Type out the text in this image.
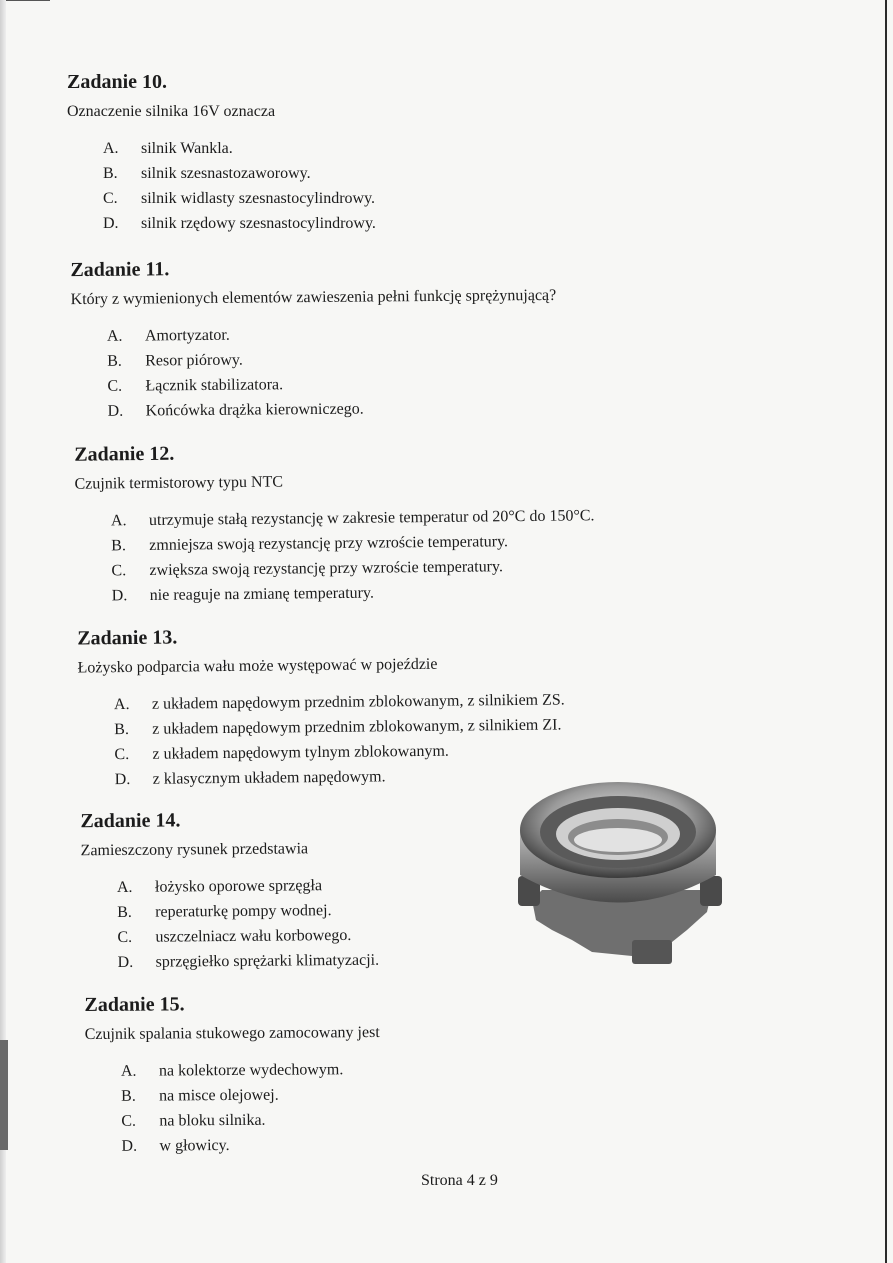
Zadanie 10.
Oznaczenie silnika 16V oznacza
A. silnik Wankla.
B. silnik szesnastozaworowy.
C. silnik widlasty szesnastocylindrowy.
D. silnik rzędowy szesnastocylindrowy.
Zadanie 11.
Który z wymienionych elementów zawieszenia pełni funkcję sprężynującą?
A. Amortyzator.
B. Resor piórowy.
C. Łącznik stabilizatora.
D. Końcówka drążka kierowniczego.
Zadanie 12.
Czujnik termistorowy typu NTC
A. utrzymuje stałą rezystancję w zakresie temperatur od 20°C do 150°C.
B. zmniejsza swoją rezystancję przy wzroście temperatury.
C. zwiększa swoją rezystancję przy wzroście temperatury.
D. nie reaguje na zmianę temperatury.
Zadanie 13.
Łożysko podparcia wału może występować w pojeździe
A. z układem napędowym przednim zblokowanym, z silnikiem ZS.
B. z układem napędowym przednim zblokowanym, z silnikiem ZI.
C. z układem napędowym tylnym zblokowanym.
D. z klasycznym układem napędowym.
Zadanie 14.
Zamieszczony rysunek przedstawia
A. łożysko oporowe sprzęgła
B. reperaturkę pompy wodnej.
C. uszczelniacz wału korbowego.
D. sprzęgiełko sprężarki klimatyzacji.
Zadanie 15.
Czujnik spalania stukowego zamocowany jest
A. na kolektorze wydechowym.
B. na misce olejowej.
C. na bloku silnika.
D. w głowicy.
Strona 4 z 9
